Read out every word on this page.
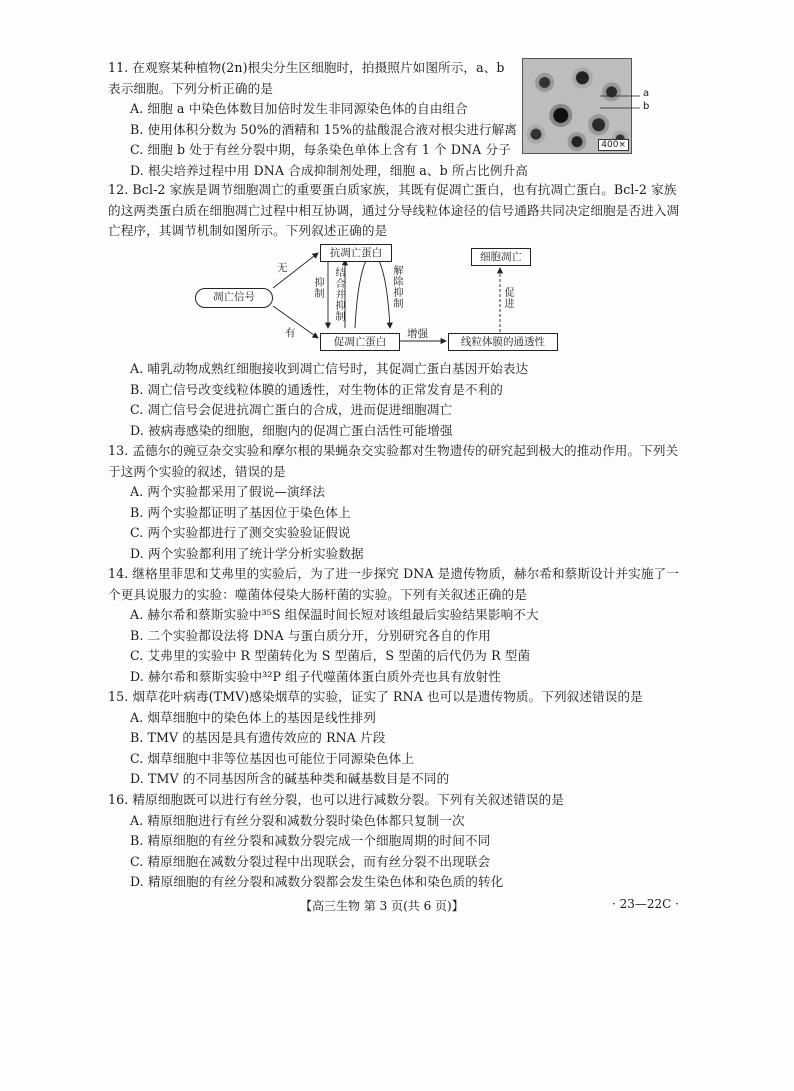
11. 在观察某种植物(2n)根尖分生区细胞时，拍摄照片如图所示，a、b 表示细胞。下列分析正确的是
A. 细胞 a 中染色体数目加倍时发生非同源染色体的自由组合
B. 使用体积分数为 50%的酒精和 15%的盐酸混合液对根尖进行解离
C. 细胞 b 处于有丝分裂中期，每条染色单体上含有 1 个 DNA 分子
D. 根尖培养过程中用 DNA 合成抑制剂处理，细胞 a、b 所占比例升高
400×
a
b
12. Bcl-2 家族是调节细胞凋亡的重要蛋白质家族，其既有促凋亡蛋白，也有抗凋亡蛋白。Bcl-2 家族的这两类蛋白质在细胞凋亡过程中相互协调，通过分导线粒体途径的信号通路共同决定细胞是否进入凋亡程序，其调节机制如图所示。下列叙述正确的是
凋亡信号
抗凋亡蛋白
促凋亡蛋白	线粒体膜的通透性
细胞凋亡
无
有
抑制
结合并抑制
解除抑制
增强
促进
A. 哺乳动物成熟红细胞接收到凋亡信号时，其促凋亡蛋白基因开始表达
B. 凋亡信号改变线粒体膜的通透性，对生物体的正常发育是不利的
C. 凋亡信号会促进抗凋亡蛋白的合成，进而促进细胞凋亡
D. 被病毒感染的细胞，细胞内的促凋亡蛋白活性可能增强
13. 孟德尔的豌豆杂交实验和摩尔根的果蝇杂交实验都对生物遗传的研究起到极大的推动作用。下列关于这两个实验的叙述，错误的是
A. 两个实验都采用了假说—演绎法
B. 两个实验都证明了基因位于染色体上
C. 两个实验都进行了测交实验验证假说
D. 两个实验都利用了统计学分析实验数据
14. 继格里菲思和艾弗里的实验后，为了进一步探究 DNA 是遗传物质，赫尔希和蔡斯设计并实施了一个更具说服力的实验：噬菌体侵染大肠杆菌的实验。下列有关叙述正确的是
A. 赫尔希和蔡斯实验中³⁵S 组保温时间长短对该组最后实验结果影响不大
B. 二个实验都设法将 DNA 与蛋白质分开，分别研究各自的作用
C. 艾弗里的实验中 R 型菌转化为 S 型菌后，S 型菌的后代仍为 R 型菌
D. 赫尔希和蔡斯实验中³²P 组子代噬菌体蛋白质外壳也具有放射性
15. 烟草花叶病毒(TMV)感染烟草的实验，证实了 RNA 也可以是遗传物质。下列叙述错误的是
A. 烟草细胞中的染色体上的基因是线性排列
B. TMV 的基因是具有遗传效应的 RNA 片段
C. 烟草细胞中非等位基因也可能位于同源染色体上
D. TMV 的不同基因所含的碱基种类和碱基数目是不同的
16. 精原细胞既可以进行有丝分裂，也可以进行减数分裂。下列有关叙述错误的是
A. 精原细胞进行有丝分裂和减数分裂时染色体都只复制一次
B. 精原细胞的有丝分裂和减数分裂完成一个细胞周期的时间不同
C. 精原细胞在减数分裂过程中出现联会，而有丝分裂不出现联会
D. 精原细胞的有丝分裂和减数分裂都会发生染色体和染色质的转化
【高三生物 第 3 页(共 6 页)】	· 23—22C ·
